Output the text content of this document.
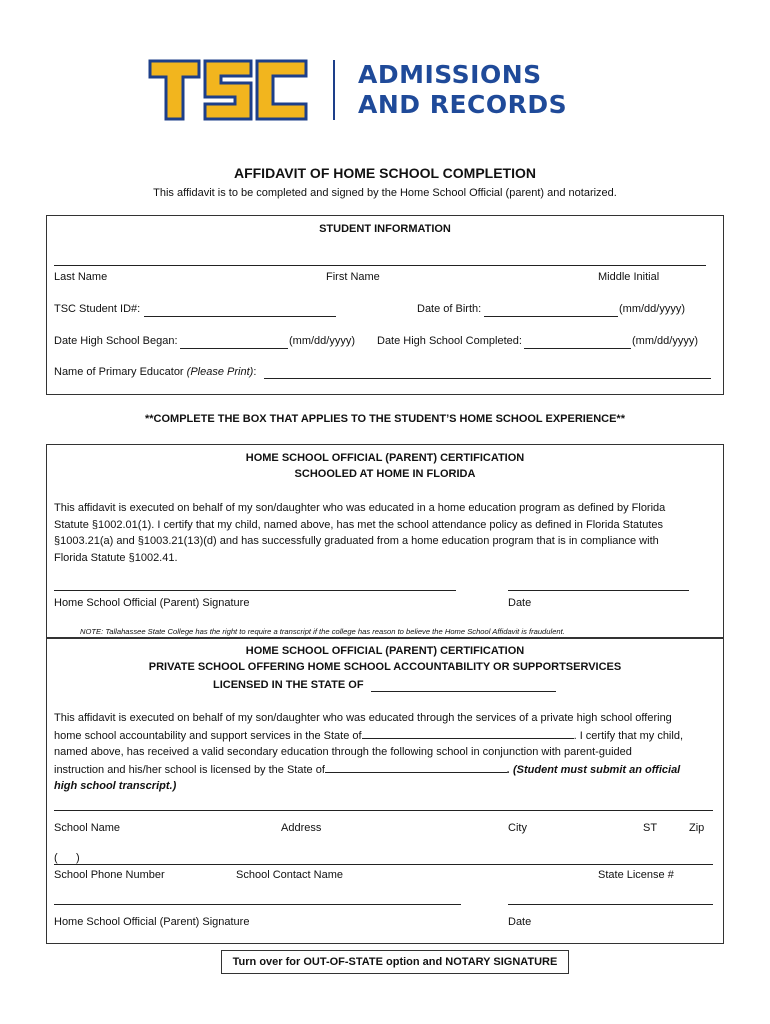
ADMISSIONS
AND RECORDS
AFFIDAVIT OF HOME SCHOOL COMPLETION
This affidavit is to be completed and signed by the Home School Official (parent) and notarized.
STUDENT INFORMATION
Last Name	First Name	Middle Initial
TSC Student ID#:	Date of Birth:	(mm/dd/yyyy)
Date High School Began:	(mm/dd/yyyy) Date High School Completed:	(mm/dd/yyyy)
Name of Primary Educator (Please Print):
**COMPLETE THE BOX THAT APPLIES TO THE STUDENT’S HOME SCHOOL EXPERIENCE**
HOME SCHOOL OFFICIAL (PARENT) CERTIFICATION
SCHOOLED AT HOME IN FLORIDA
This affidavit is executed on behalf of my son/daughter who was educated in a home education program as defined by Florida
Statute §1002.01(1). I certify that my child, named above, has met the school attendance policy as defined in Florida Statutes
§1003.21(a) and §1003.21(13)(d) and has successfully graduated from a home education program that is in compliance with
Florida Statute §1002.41.
Home School Official (Parent) Signature	Date
NOTE: Tallahassee State College has the right to require a transcript if the college has reason to believe the Home School Affidavit is fraudulent.
HOME SCHOOL OFFICIAL (PARENT) CERTIFICATION
PRIVATE SCHOOL OFFERING HOME SCHOOL ACCOUNTABILITY OR SUPPORTSERVICES
LICENSED IN THE STATE OF
This affidavit is executed on behalf of my son/daughter who was educated through the services of a private high school offering
home school accountability and support services in the State of	. I certify that my child,
named above, has received a valid secondary education through the following school in conjunction with parent-guided
instruction and his/her school is licensed by the State of	. (Student must submit an official
high school transcript.)
School Name	Address	City	ST	Zip
(      )
School Phone Number	School Contact Name	State License #
Home School Official (Parent) Signature	Date
Turn over for OUT-OF-STATE option and NOTARY SIGNATURE
